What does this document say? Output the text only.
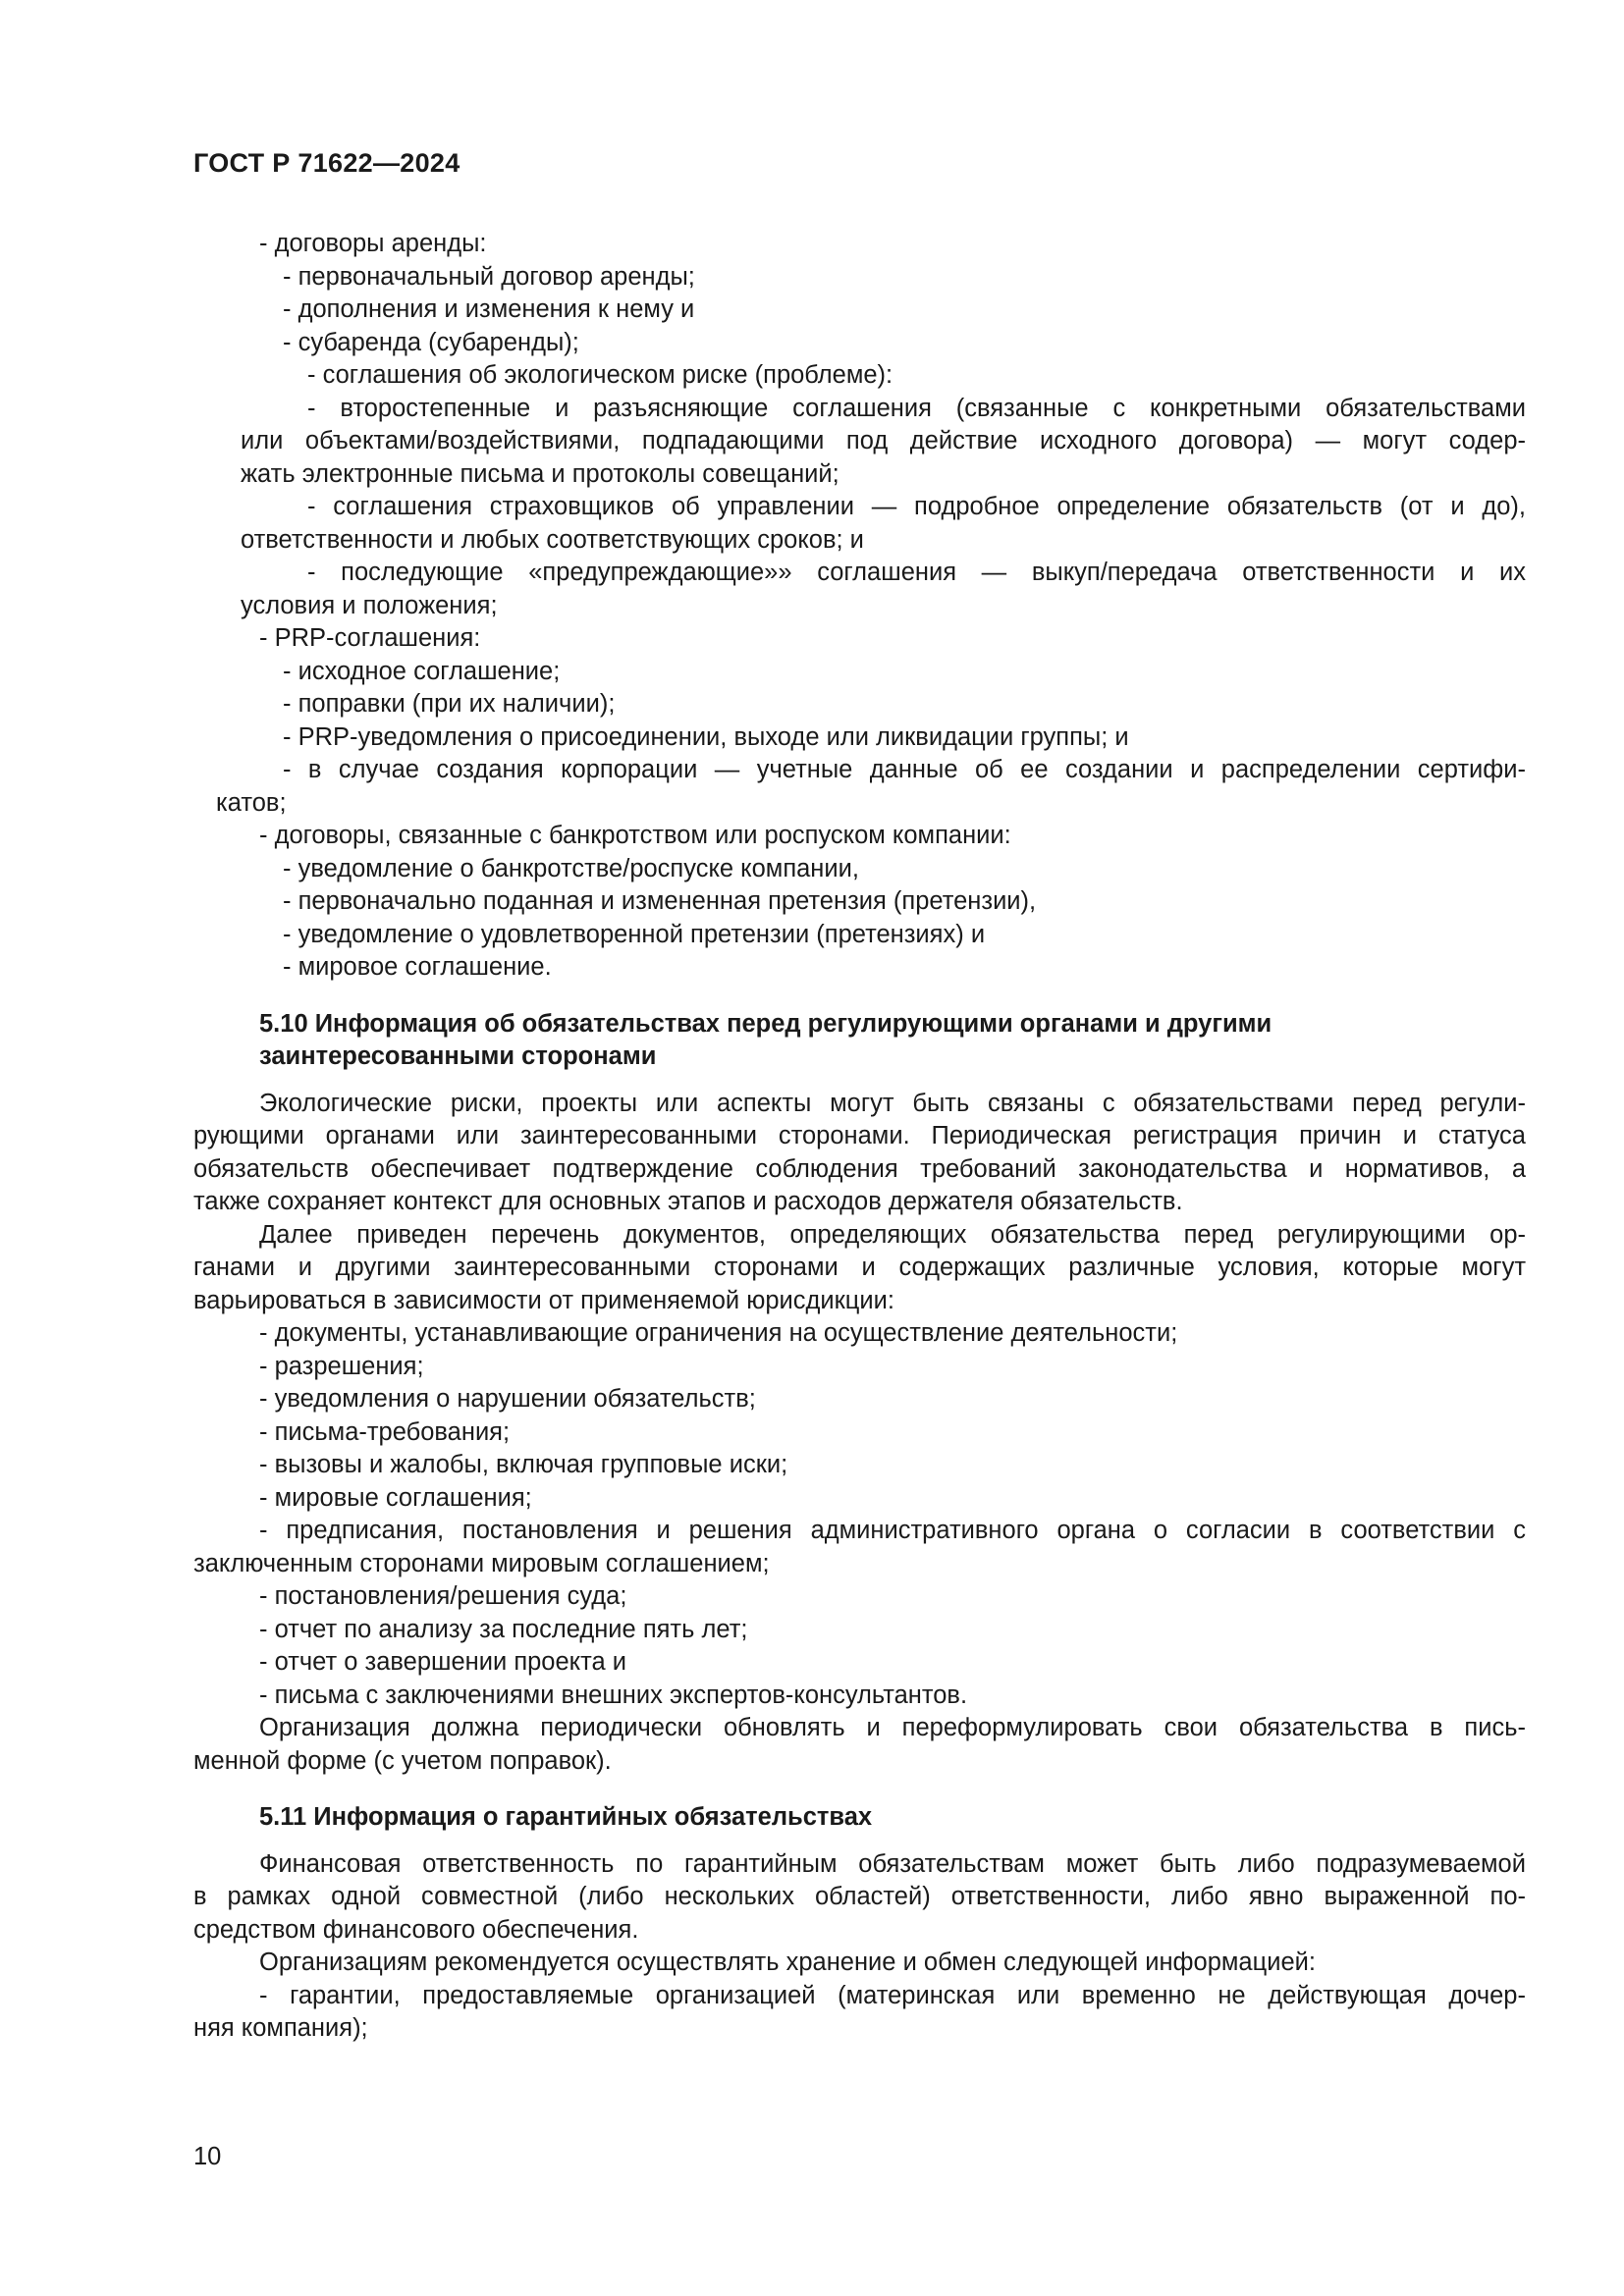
ГОСТ Р 71622—2024
- договоры аренды:
- первоначальный договор аренды;
- дополнения и изменения к нему и
- субаренда (субаренды);
- соглашения об экологическом риске (проблеме):
- второстепенные и разъясняющие соглашения (связанные с конкретными обязательствами
или объектами/воздействиями, подпадающими под действие исходного договора) — могут содер-
жать электронные письма и протоколы совещаний;
- соглашения страховщиков об управлении — подробное определение обязательств (от и до),
ответственности и любых соответствующих сроков; и
- последующие «предупреждающие»» соглашения — выкуп/передача ответственности и их
условия и положения;
- PRP-соглашения:
- исходное соглашение;
- поправки (при их наличии);
- PRP-уведомления о присоединении, выходе или ликвидации группы; и
- в случае создания корпорации — учетные данные об ее создании и распределении сертифи-
катов;
- договоры, связанные с банкротством или роспуском компании:
- уведомление о банкротстве/роспуске компании,
- первоначально поданная и измененная претензия (претензии),
- уведомление о удовлетворенной претензии (претензиях) и
- мировое соглашение.
5.10 Информация об обязательствах перед регулирующими органами и другими
заинтересованными сторонами
Экологические риски, проекты или аспекты могут быть связаны с обязательствами перед регули-
рующими органами или заинтересованными сторонами. Периодическая регистрация причин и статуса
обязательств обеспечивает подтверждение соблюдения требований законодательства и нормативов, а
также сохраняет контекст для основных этапов и расходов держателя обязательств.
Далее приведен перечень документов, определяющих обязательства перед регулирующими ор-
ганами и другими заинтересованными сторонами и содержащих различные условия, которые могут
варьироваться в зависимости от применяемой юрисдикции:
- документы, устанавливающие ограничения на осуществление деятельности;
- разрешения;
- уведомления о нарушении обязательств;
- письма-требования;
- вызовы и жалобы, включая групповые иски;
- мировые соглашения;
- предписания, постановления и решения административного органа о согласии в соответствии с
заключенным сторонами мировым соглашением;
- постановления/решения суда;
- отчет по анализу за последние пять лет;
- отчет о завершении проекта и
- письма с заключениями внешних экспертов-консультантов.
Организация должна периодически обновлять и переформулировать свои обязательства в пись-
менной форме (с учетом поправок).
5.11 Информация о гарантийных обязательствах
Финансовая ответственность по гарантийным обязательствам может быть либо подразумеваемой
в рамках одной совместной (либо нескольких областей) ответственности, либо явно выраженной по-
средством финансового обеспечения.
Организациям рекомендуется осуществлять хранение и обмен следующей информацией:
- гарантии, предоставляемые организацией (материнская или временно не действующая дочер-
няя компания);
10
